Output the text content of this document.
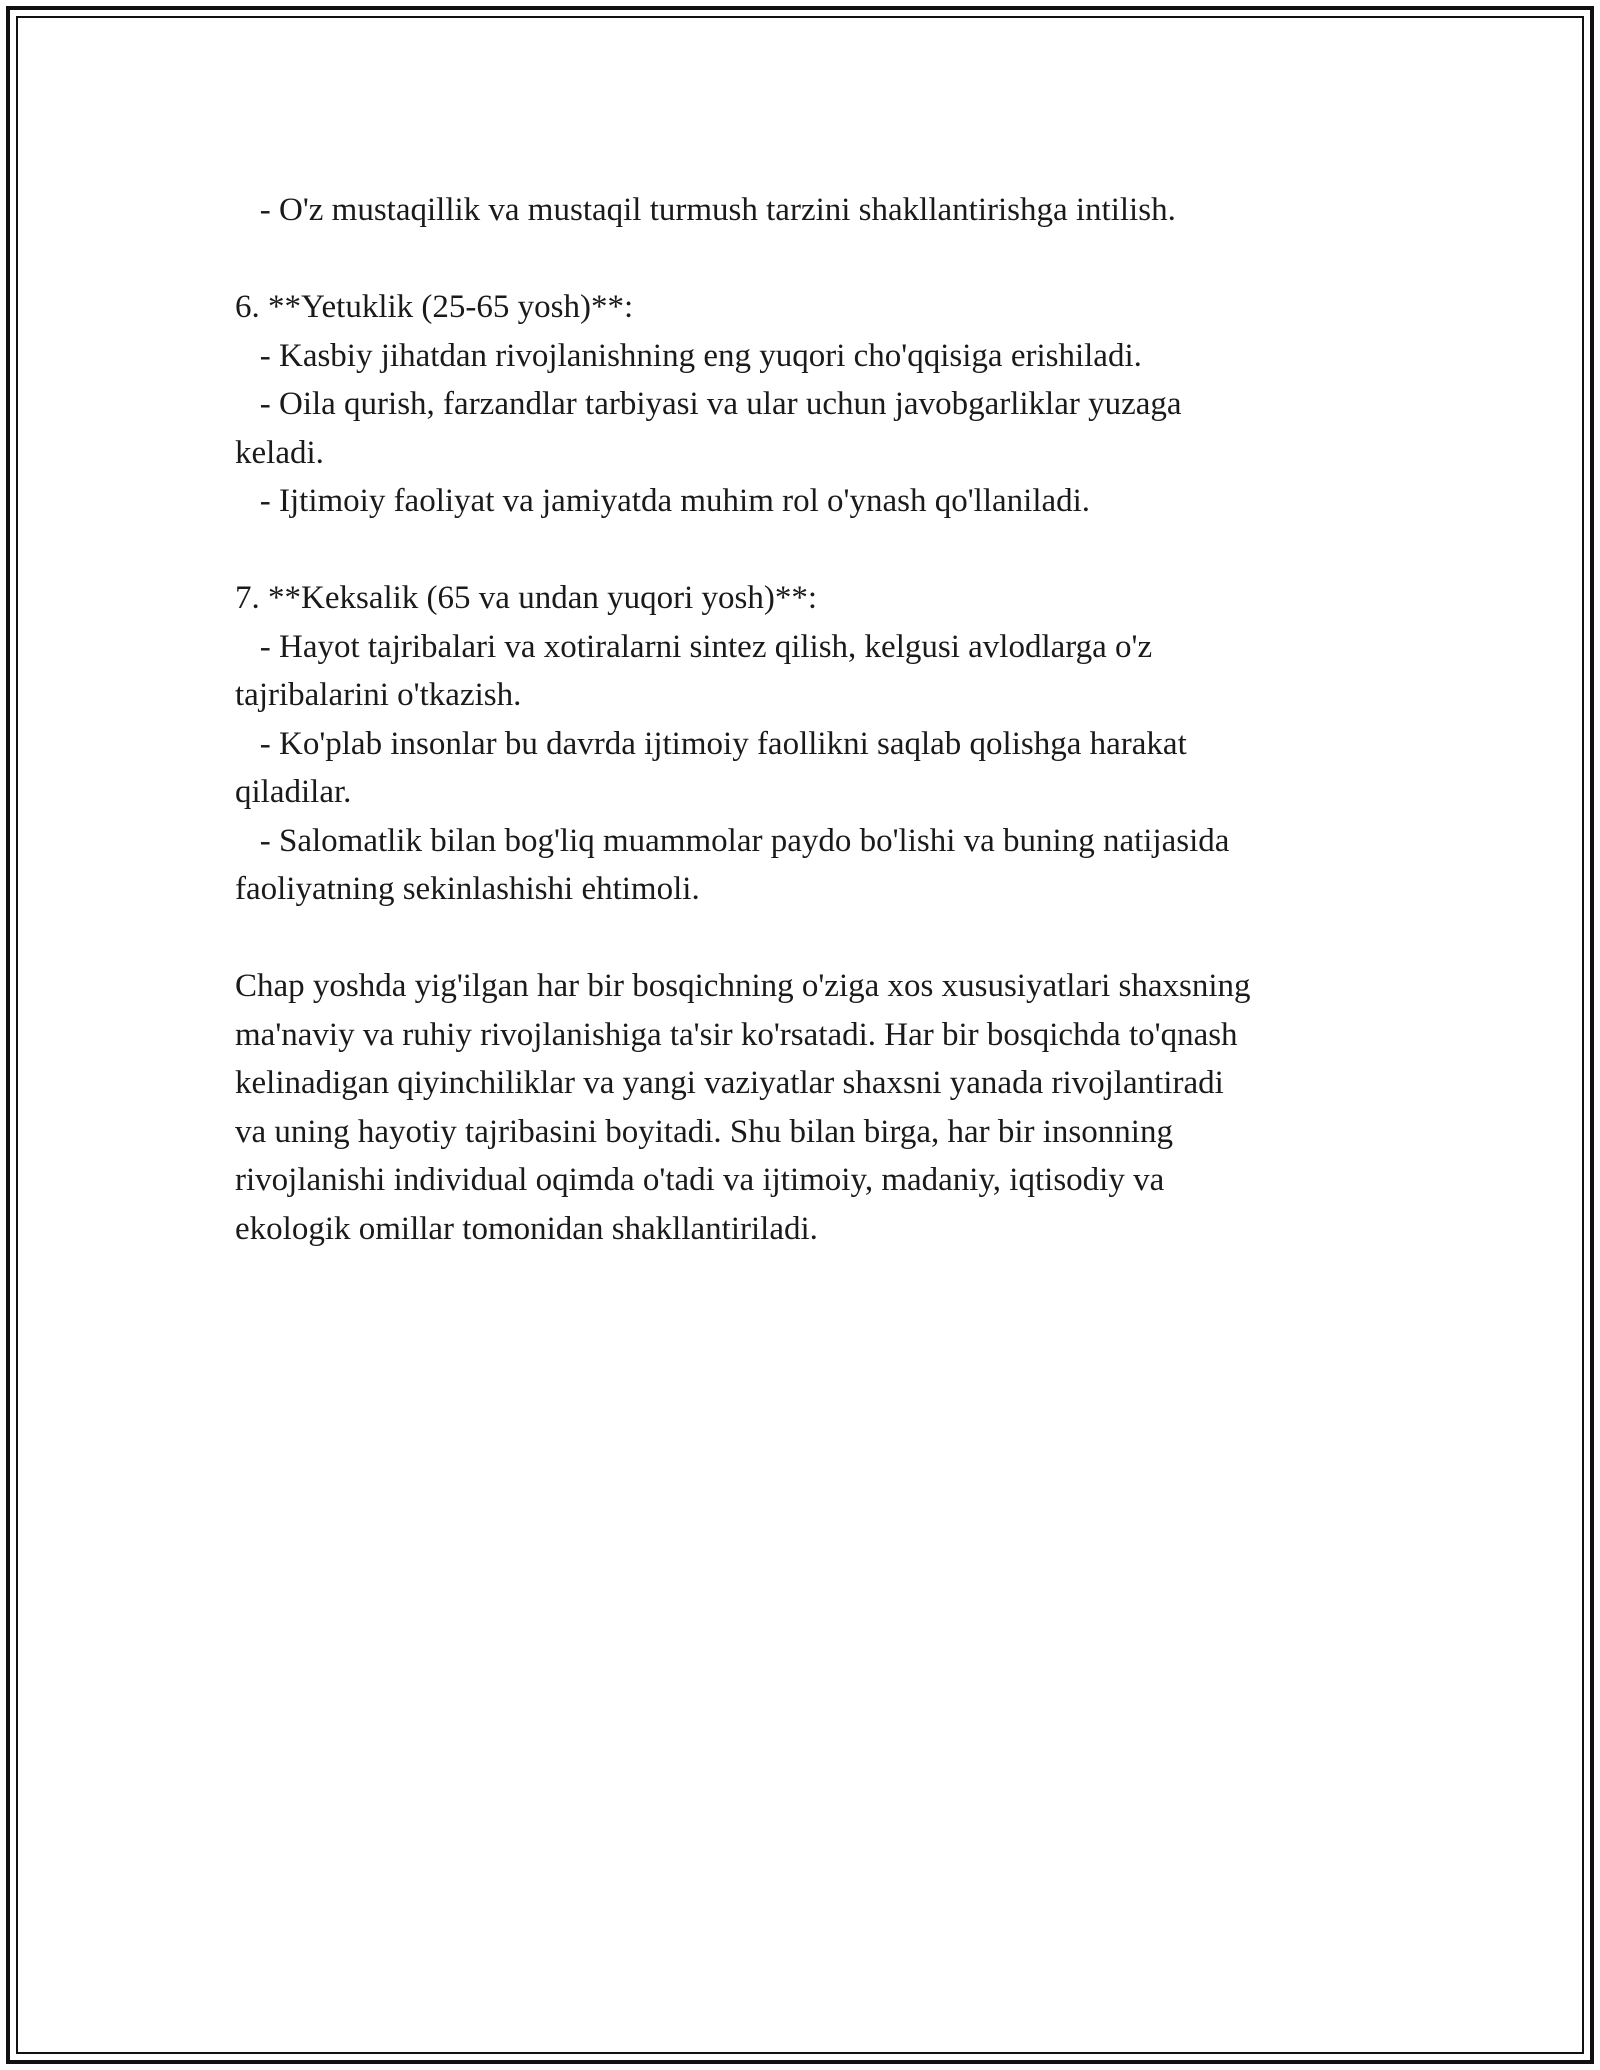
- O'z mustaqillik va mustaqil turmush tarzini shakllantirishga intilish.
6. **Yetuklik (25-65 yosh)**:
- Kasbiy jihatdan rivojlanishning eng yuqori cho'qqisiga erishiladi.
- Oila qurish, farzandlar tarbiyasi va ular uchun javobgarliklar yuzaga
keladi.
- Ijtimoiy faoliyat va jamiyatda muhim rol o'ynash qo'llaniladi.
7. **Keksalik (65 va undan yuqori yosh)**:
- Hayot tajribalari va xotiralarni sintez qilish, kelgusi avlodlarga o'z
tajribalarini o'tkazish.
- Ko'plab insonlar bu davrda ijtimoiy faollikni saqlab qolishga harakat
qiladilar.
- Salomatlik bilan bog'liq muammolar paydo bo'lishi va buning natijasida
faoliyatning sekinlashishi ehtimoli.
Chap yoshda yig'ilgan har bir bosqichning o'ziga xos xususiyatlari shaxsning
ma'naviy va ruhiy rivojlanishiga ta'sir ko'rsatadi. Har bir bosqichda to'qnash
kelinadigan qiyinchiliklar va yangi vaziyatlar shaxsni yanada rivojlantiradi
va uning hayotiy tajribasini boyitadi. Shu bilan birga, har bir insonning
rivojlanishi individual oqimda o'tadi va ijtimoiy, madaniy, iqtisodiy va
ekologik omillar tomonidan shakllantiriladi.
